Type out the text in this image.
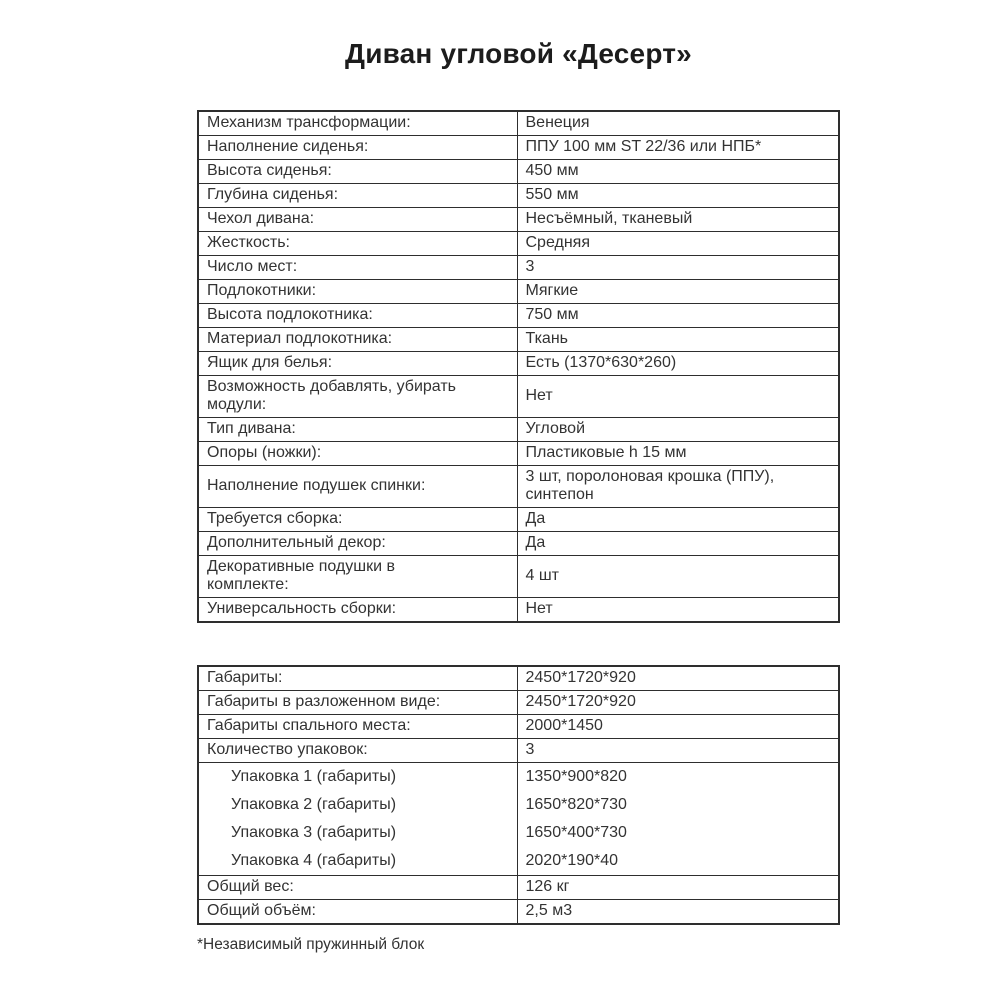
Диван угловой «Десерт»
Механизм трансформации:	Венеция
Наполнение сиденья:	ППУ 100 мм ST 22/36 или НПБ*
Высота сиденья:	450 мм
Глубина сиденья:	550 мм
Чехол дивана:	Несъёмный, тканевый
Жесткость:	Средняя
Число мест:	3
Подлокотники:	Мягкие
Высота подлокотника:	750 мм
Материал подлокотника:	Ткань
Ящик для белья:	Есть (1370*630*260)
Возможность добавлять, убирать модули:	Нет
Тип дивана:	Угловой
Опоры (ножки):	Пластиковые h 15 мм
Наполнение подушек спинки:	3 шт, поролоновая крошка (ППУ), синтепон
Требуется сборка:	Да
Дополнительный декор:	Да
Декоративные подушки в комплекте:	4 шт
Универсальность сборки:	Нет
Габариты:	2450*1720*920
Габариты в разложенном виде:	2450*1720*920
Габариты спального места:	2000*1450
Количество упаковок:	3
Упаковка 1 (габариты)	1350*900*820
Упаковка 2 (габариты)	1650*820*730
Упаковка 3 (габариты)	1650*400*730
Упаковка 4 (габариты)	2020*190*40
Общий вес:	126 кг
Общий объём:	2,5 м3
*Независимый пружинный блок
